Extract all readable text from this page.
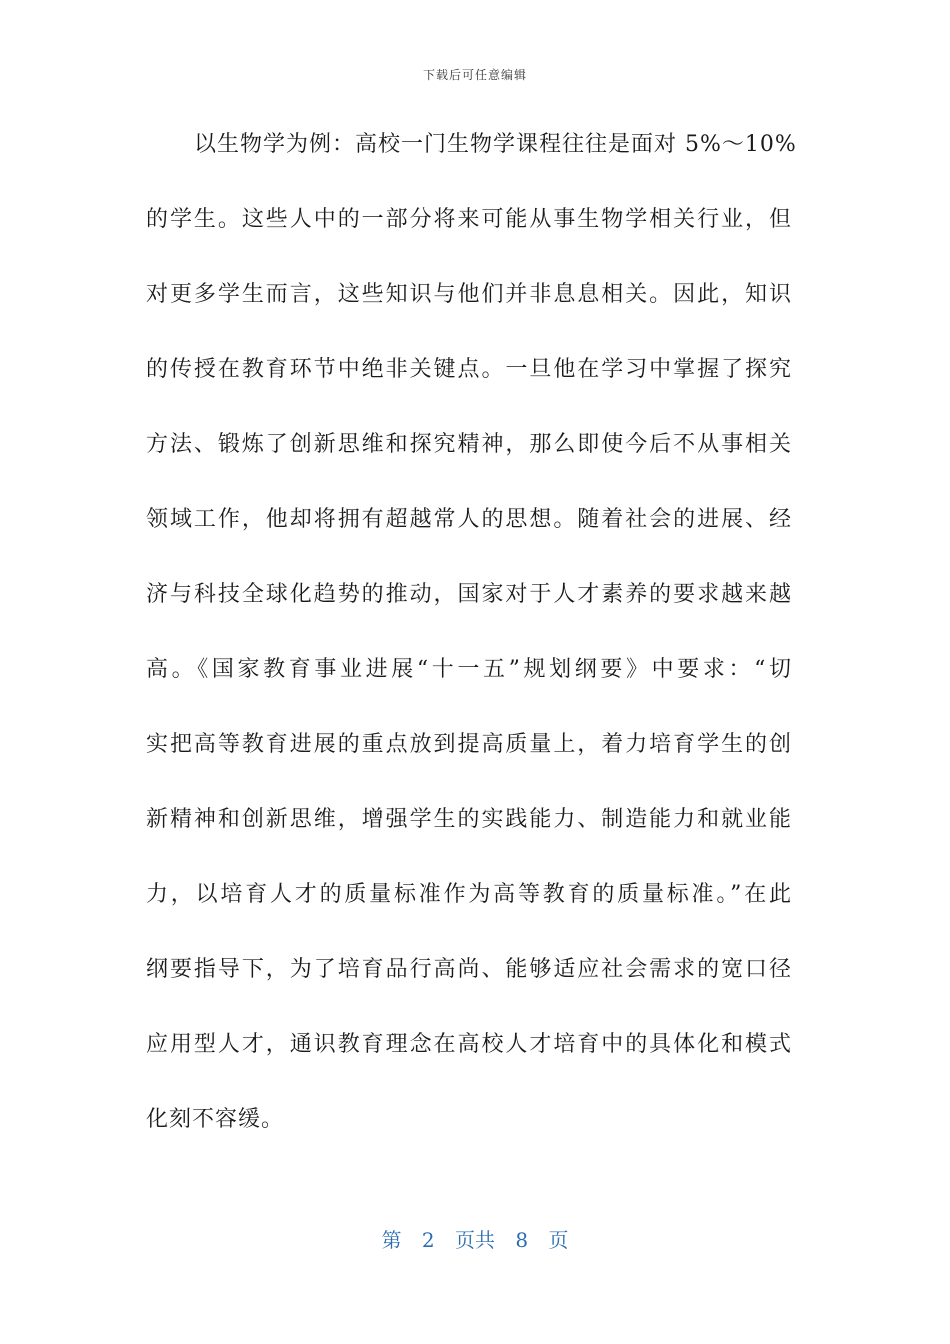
下载后可任意编辑
以生物学为例：高校一门生物学课程往往是面对 5%～10%
的学生。这些人中的一部分将来可能从事生物学相关行业，但
对更多学生而言，这些知识与他们并非息息相关。因此，知识
的传授在教育环节中绝非关键点。一旦他在学习中掌握了探究
方法、锻炼了创新思维和探究精神，那么即使今后不从事相关
领域工作，他却将拥有超越常人的思想。随着社会的进展、经
济与科技全球化趋势的推动，国家对于人才素养的要求越来越
高。《国家教育事业进展“十一五”规划纲要》中要求：“切
实把高等教育进展的重点放到提高质量上，着力培育学生的创
新精神和创新思维，增强学生的实践能力、制造能力和就业能
力，以培育人才的质量标准作为高等教育的质量标准。”在此
纲要指导下，为了培育品行高尚、能够适应社会需求的宽口径
应用型人才，通识教育理念在高校人才培育中的具体化和模式
化刻不容缓。
第 2 页共 8 页
